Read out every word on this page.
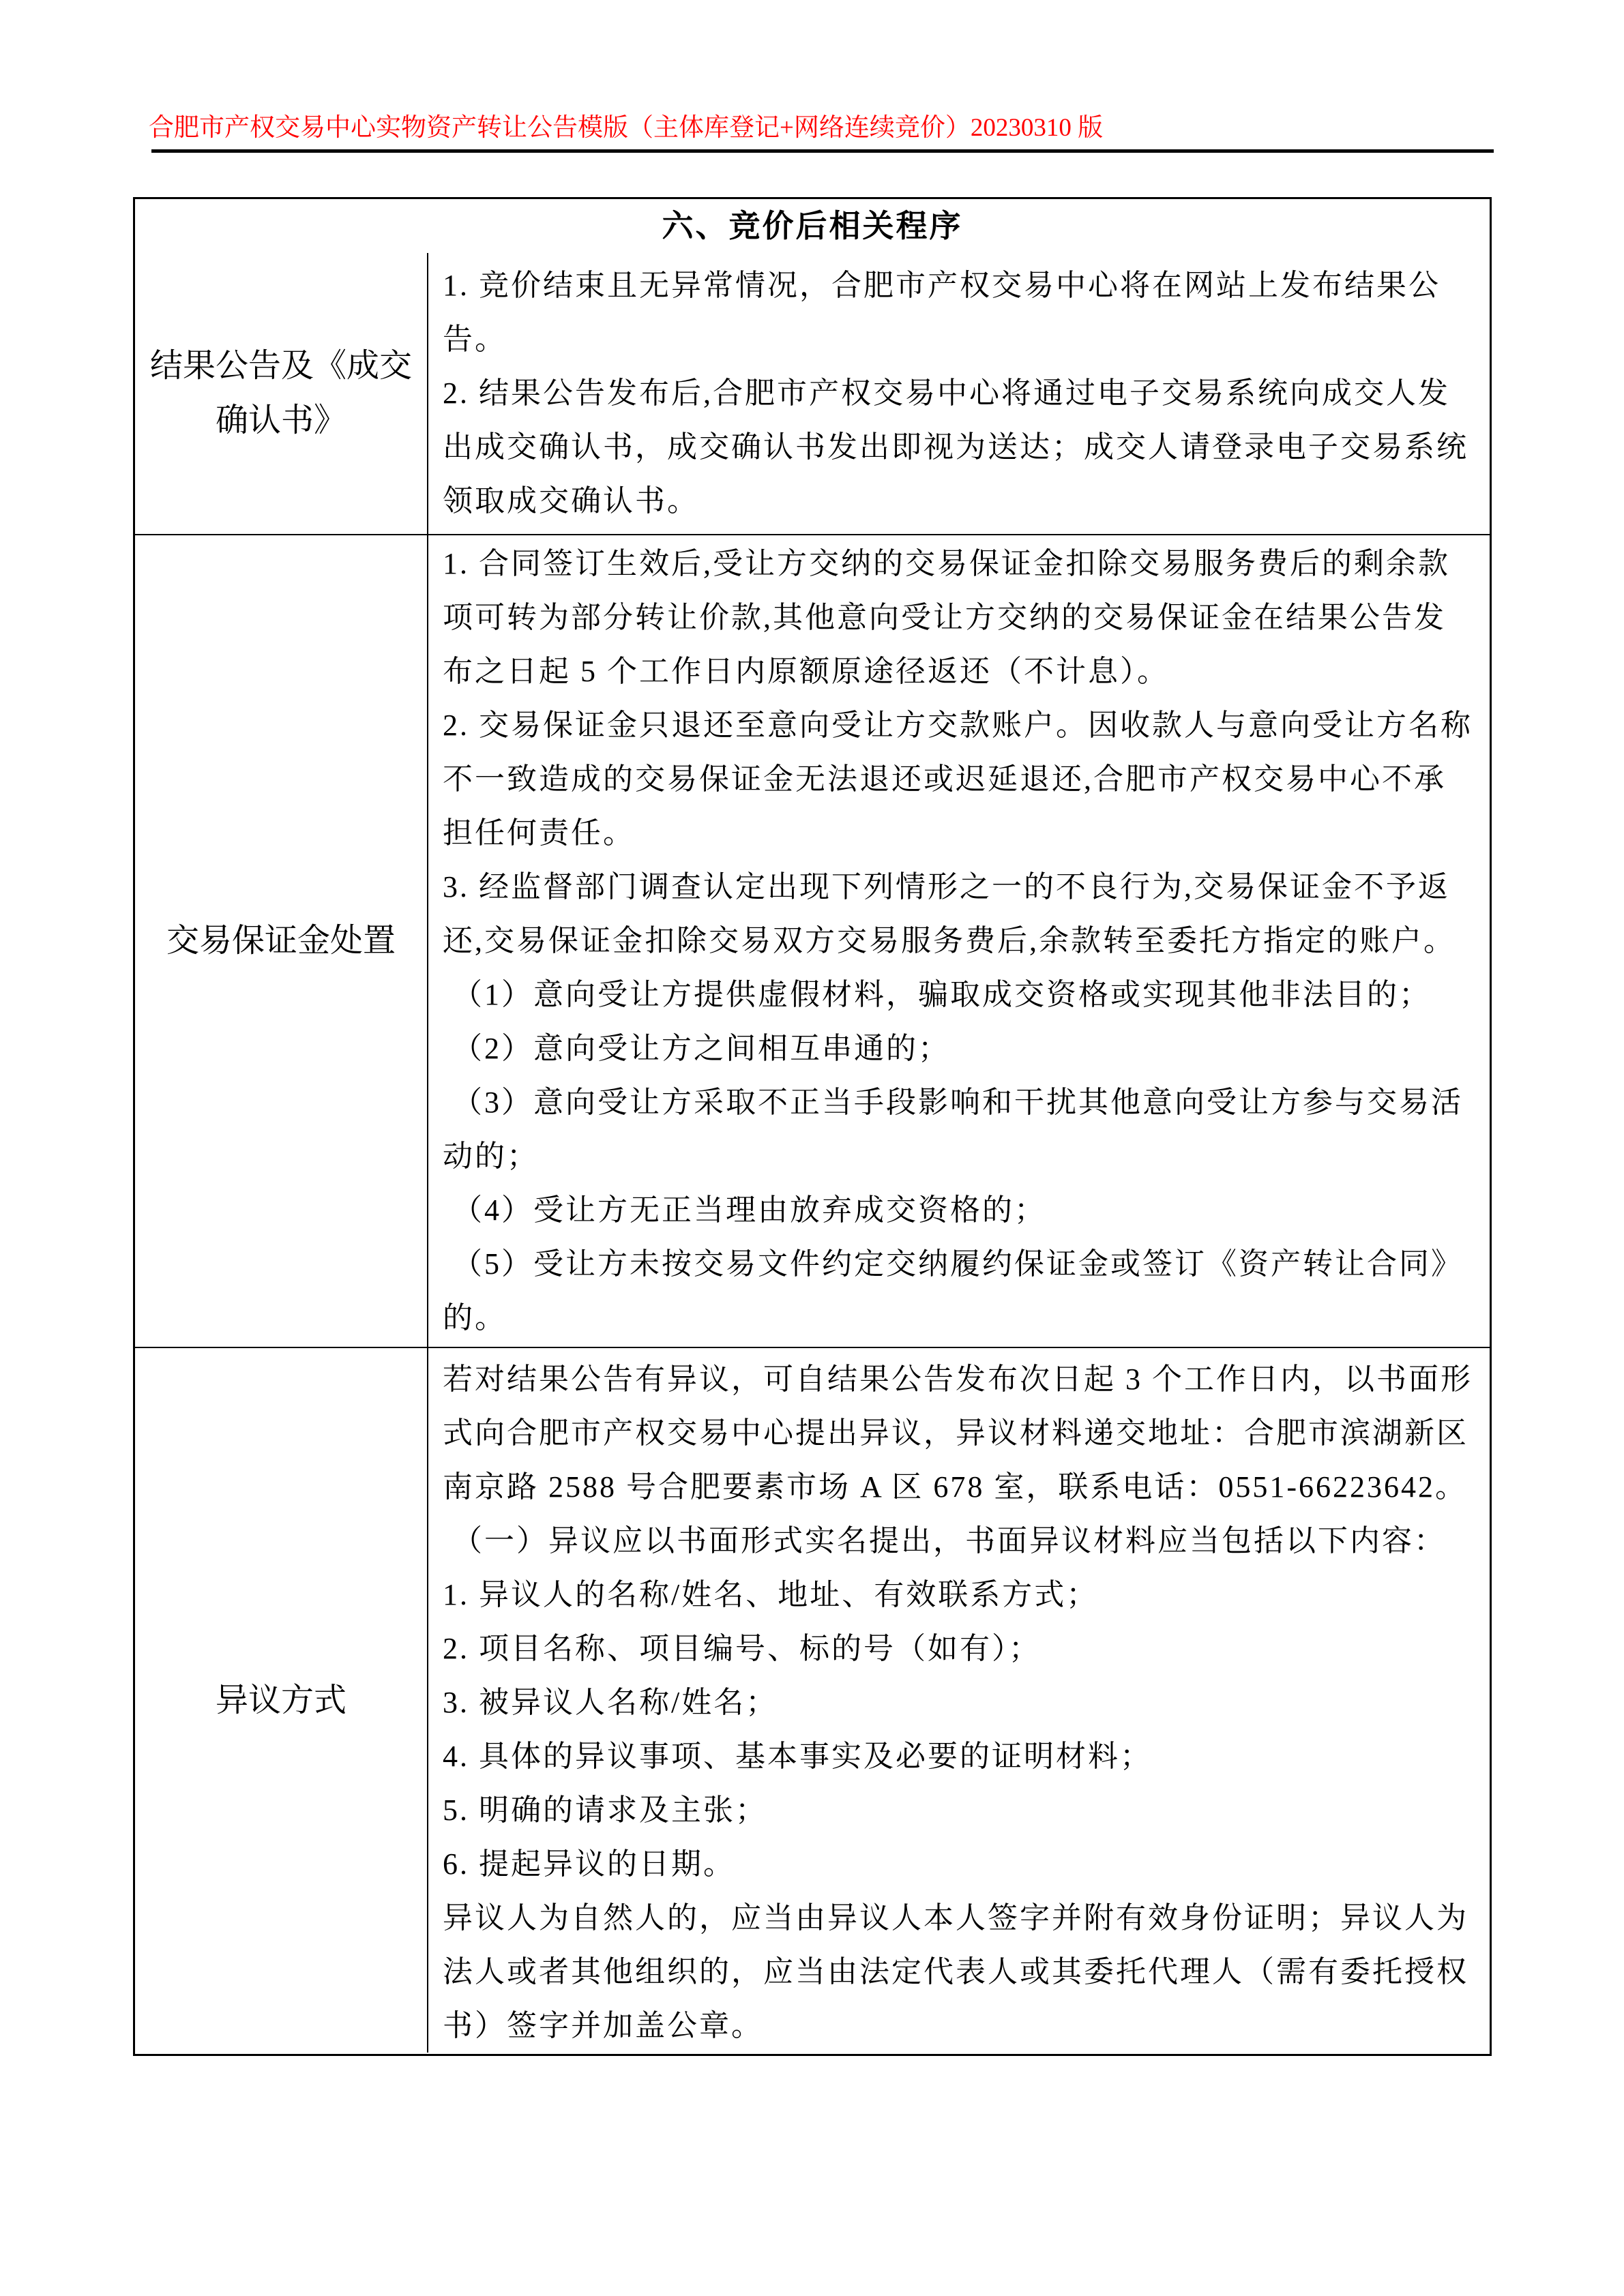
合肥市产权交易中心实物资产转让公告模版（主体库登记+网络连续竞价）20230310 版
六、竞价后相关程序
结果公告及《成交
确认书》
1. 竞价结束且无异常情况，合肥市产权交易中心将在网站上发布结果公
告。
2. 结果公告发布后,合肥市产权交易中心将通过电子交易系统向成交人发
出成交确认书，成交确认书发出即视为送达；成交人请登录电子交易系统
领取成交确认书。
交易保证金处置
1. 合同签订生效后,受让方交纳的交易保证金扣除交易服务费后的剩余款
项可转为部分转让价款,其他意向受让方交纳的交易保证金在结果公告发
布之日起 5 个工作日内原额原途径返还（不计息）。
2. 交易保证金只退还至意向受让方交款账户。因收款人与意向受让方名称
不一致造成的交易保证金无法退还或迟延退还,合肥市产权交易中心不承
担任何责任。
3. 经监督部门调查认定出现下列情形之一的不良行为,交易保证金不予返
还,交易保证金扣除交易双方交易服务费后,余款转至委托方指定的账户。
（1）意向受让方提供虚假材料，骗取成交资格或实现其他非法目的；
（2）意向受让方之间相互串通的；
（3）意向受让方采取不正当手段影响和干扰其他意向受让方参与交易活
动的；
（4）受让方无正当理由放弃成交资格的；
（5）受让方未按交易文件约定交纳履约保证金或签订《资产转让合同》
的。
异议方式
若对结果公告有异议，可自结果公告发布次日起 3 个工作日内，以书面形
式向合肥市产权交易中心提出异议，异议材料递交地址：合肥市滨湖新区
南京路 2588 号合肥要素市场 A 区 678 室，联系电话：0551-66223642。
（一）异议应以书面形式实名提出，书面异议材料应当包括以下内容：
1. 异议人的名称/姓名、地址、有效联系方式；
2. 项目名称、项目编号、标的号（如有）；
3. 被异议人名称/姓名；
4. 具体的异议事项、基本事实及必要的证明材料；
5. 明确的请求及主张；
6. 提起异议的日期。
异议人为自然人的，应当由异议人本人签字并附有效身份证明；异议人为
法人或者其他组织的，应当由法定代表人或其委托代理人（需有委托授权
书）签字并加盖公章。
